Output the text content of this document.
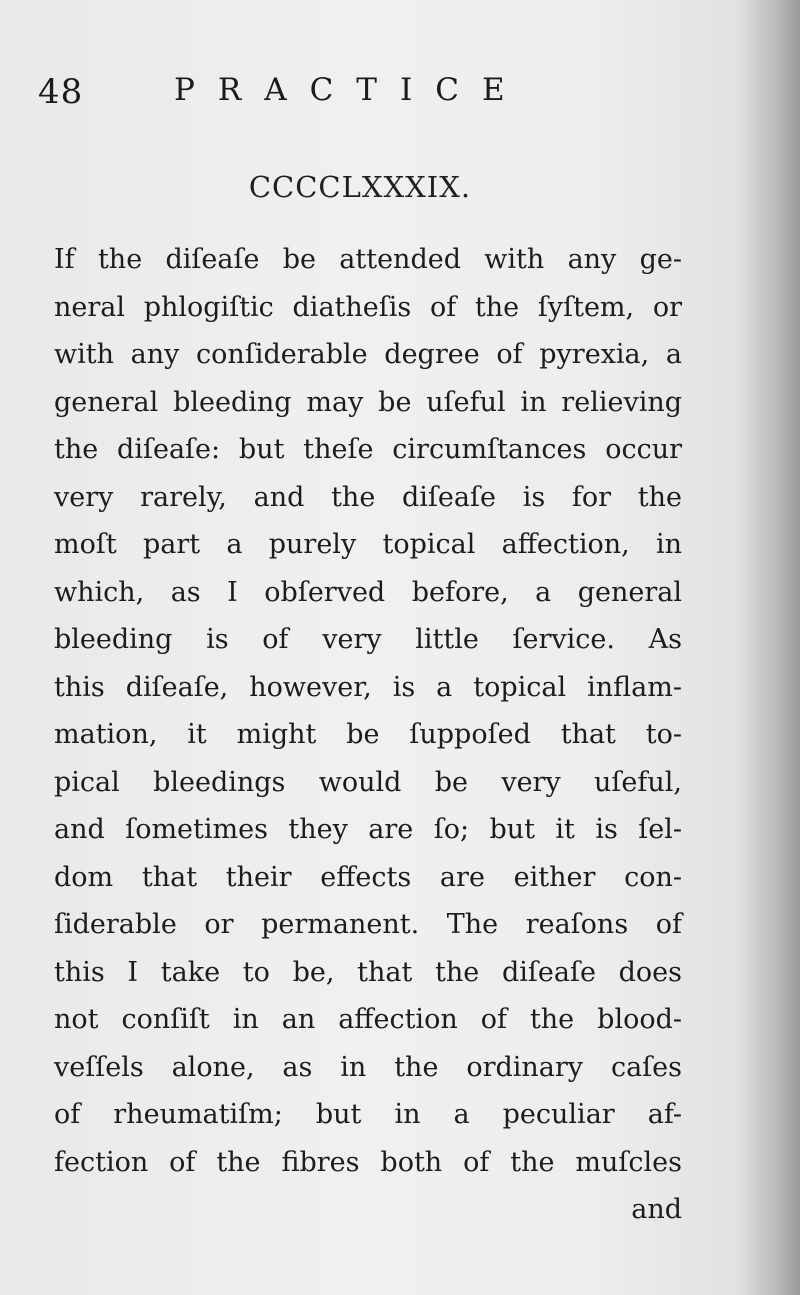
48	PRACTICE
CCCCLXXXIX.
If the diſeaſe be attended with any ge-
neral phlogiſtic diatheſis of the ſyſtem, or
with any conſiderable degree of pyrexia, a
general bleeding may be uſeful in relieving
the diſeaſe: but theſe circumſtances occur
very rarely, and the diſeaſe is for the
moſt part a purely topical affection, in
which, as I obſerved before, a general
bleeding is of very little ſervice. As
this diſeaſe, however, is a topical inflam-
mation, it might be ſuppoſed that to-
pical bleedings would be very uſeful,
and ſometimes they are ſo; but it is ſel-
dom that their effects are either con-
ſiderable or permanent. The reaſons of
this I take to be, that the diſeaſe does
not conſiſt in an affection of the blood-
veſſels alone, as in the ordinary caſes
of rheumatiſm; but in a peculiar af-
fection of the fibres both of the muſcles
and
